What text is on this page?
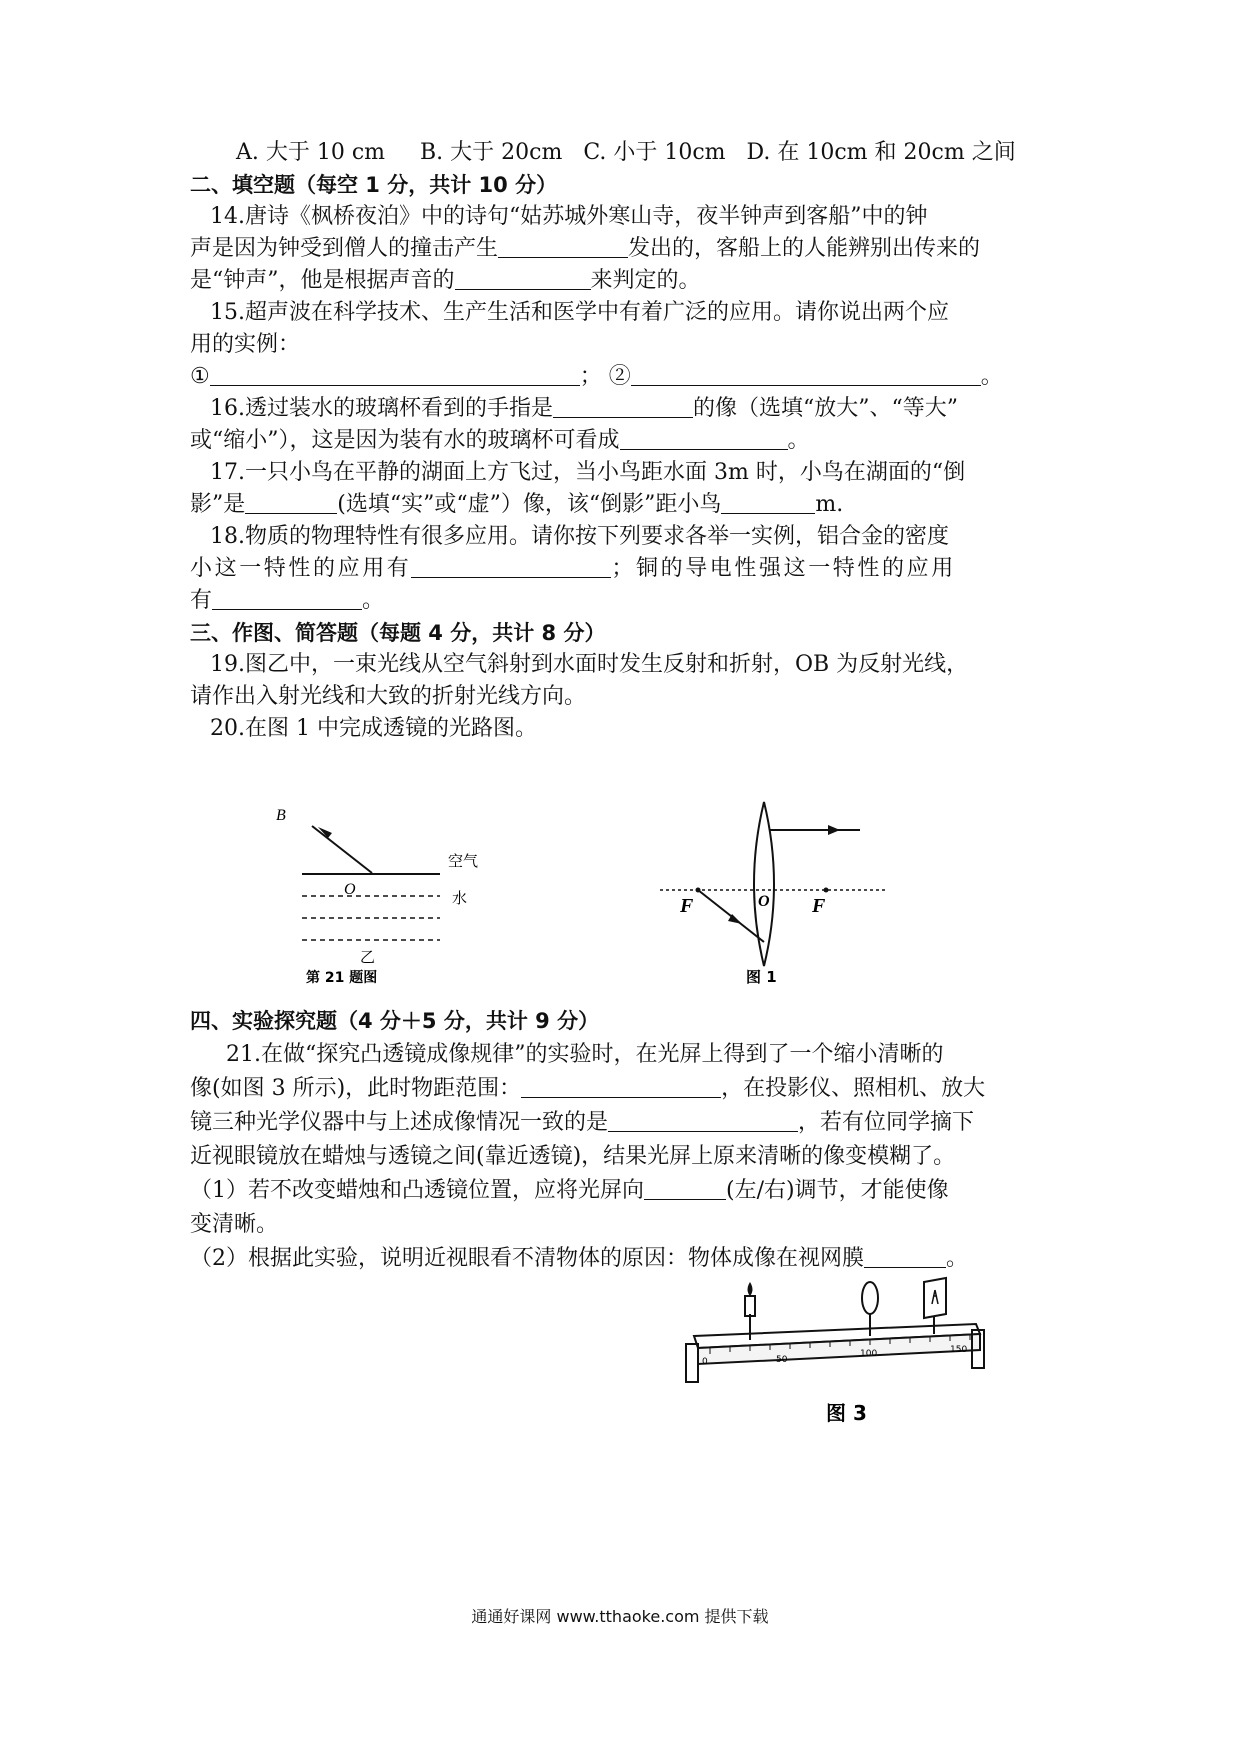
A. 大于 10 cm B. 大于 20cm C. 小于 10cm D. 在 10cm 和 20cm 之间
二、填空题（每空 1 分，共计 10 分）
14.唐诗《枫桥夜泊》中的诗句“姑苏城外寒山寺，夜半钟声到客船”中的钟
声是因为钟受到僧人的撞击产生	发出的，客船上的人能辨别出传来的
是“钟声”，他是根据声音的	来判定的。
15.超声波在科学技术、生产生活和医学中有着广泛的应用。请你说出两个应
用的实例：
①	； ②	。
16.透过装水的玻璃杯看到的手指是	的像（选填“放大”、“等大”
或“缩小”），这是因为装有水的玻璃杯可看成	。
17.一只小鸟在平静的湖面上方飞过，当小鸟距水面 3m 时，小鸟在湖面的“倒
影”是	(选填“实”或“虚”）像，该“倒影”距小鸟	m.
18.物质的物理特性有很多应用。请你按下列要求各举一实例，铝合金的密度
小这一特性的应用有	；铜的导电性强这一特性的应用
有	。
三、作图、简答题（每题 4 分，共计 8 分）
19.图乙中，一束光线从空气斜射到水面时发生反射和折射，OB 为反射光线，
请作出入射光线和大致的折射光线方向。
20.在图 1 中完成透镜的光路图。
B
O
空气
水
乙
第 21 题图
F	O F
图 1
四、实验探究题（4 分＋5 分，共计 9 分）
21.在做“探究凸透镜成像规律”的实验时，在光屏上得到了一个缩小清晰的
像(如图 3 所示)，此时物距范围：	，在投影仪、照相机、放大
镜三种光学仪器中与上述成像情况一致的是	，若有位同学摘下
近视眼镜放在蜡烛与透镜之间(靠近透镜)，结果光屏上原来清晰的像变模糊了。
（1）若不改变蜡烛和凸透镜位置，应将光屏向	(左/右)调节，才能使像
变清晰。
（2）根据此实验，说明近视眼看不清物体的原因：物体成像在视网膜	。
0	50
100	150
图 3
通通好课网 www.tthaoke.com 提供下载
